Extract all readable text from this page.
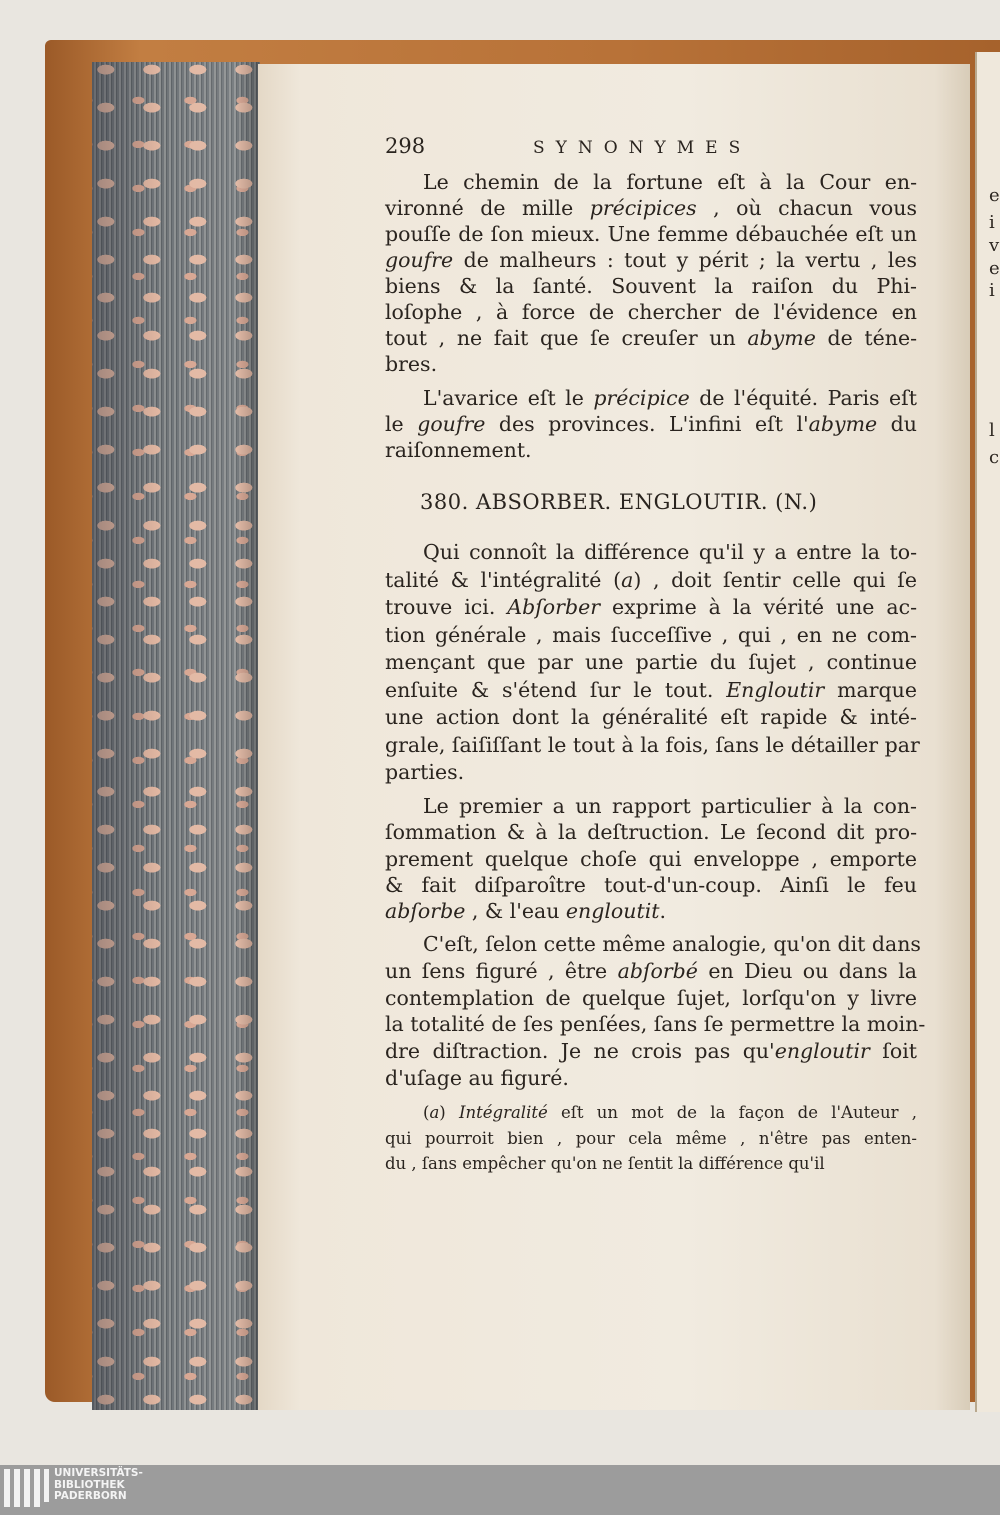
e
i
v
e
i
l
c
298	SYNONYMES
380. ABSORBER. ENGLOUTIR. (N.)
Le chemin de la fortune eſt à la Cour en-
vironné de mille précipices , où chacun vous
pouſſe de ſon mieux. Une femme débauchée eſt un
goufre de malheurs : tout y périt ; la vertu , les
biens & la ſanté. Souvent la raiſon du Phi-
loſophe , à force de chercher de l'évidence en
tout , ne fait que ſe creuſer un abyme de téne-
bres.
L'avarice eſt le précipice de l'équité. Paris eſt
le goufre des provinces. L'infini eſt l'abyme du
raiſonnement.
Qui connoît la différence qu'il y a entre la to-
talité & l'intégralité (a) , doit ſentir celle qui ſe
trouve ici. Abſorber exprime à la vérité une ac-
tion générale , mais ſucceſſive , qui , en ne com-
mençant que par une partie du ſujet , continue
enſuite & s'étend ſur le tout. Engloutir marque
une action dont la généralité eſt rapide & inté-
grale, ſaiſiſſant le tout à la fois, ſans le détailler par
parties.
Le premier a un rapport particulier à la con-
ſommation & à la deſtruction. Le ſecond dit pro-
prement quelque choſe qui enveloppe , emporte
& fait diſparoître tout-d'un-coup. Ainſi le feu
abſorbe , & l'eau engloutit.
C'eſt, ſelon cette même analogie, qu'on dit dans
un ſens figuré , être abſorbé en Dieu ou dans la
contemplation de quelque ſujet, lorſqu'on y livre
la totalité de ſes penſées, ſans ſe permettre la moin-
dre diſtraction. Je ne crois pas qu'engloutir ſoit
d'uſage au figuré.
(a) Intégralité eſt un mot de la façon de l'Auteur ,
qui pourroit bien , pour cela même , n'être pas enten-
du , ſans empêcher qu'on ne ſentit la différence qu'il
UNIVERSITÄTS-
BIBLIOTHEK
PADERBORN
